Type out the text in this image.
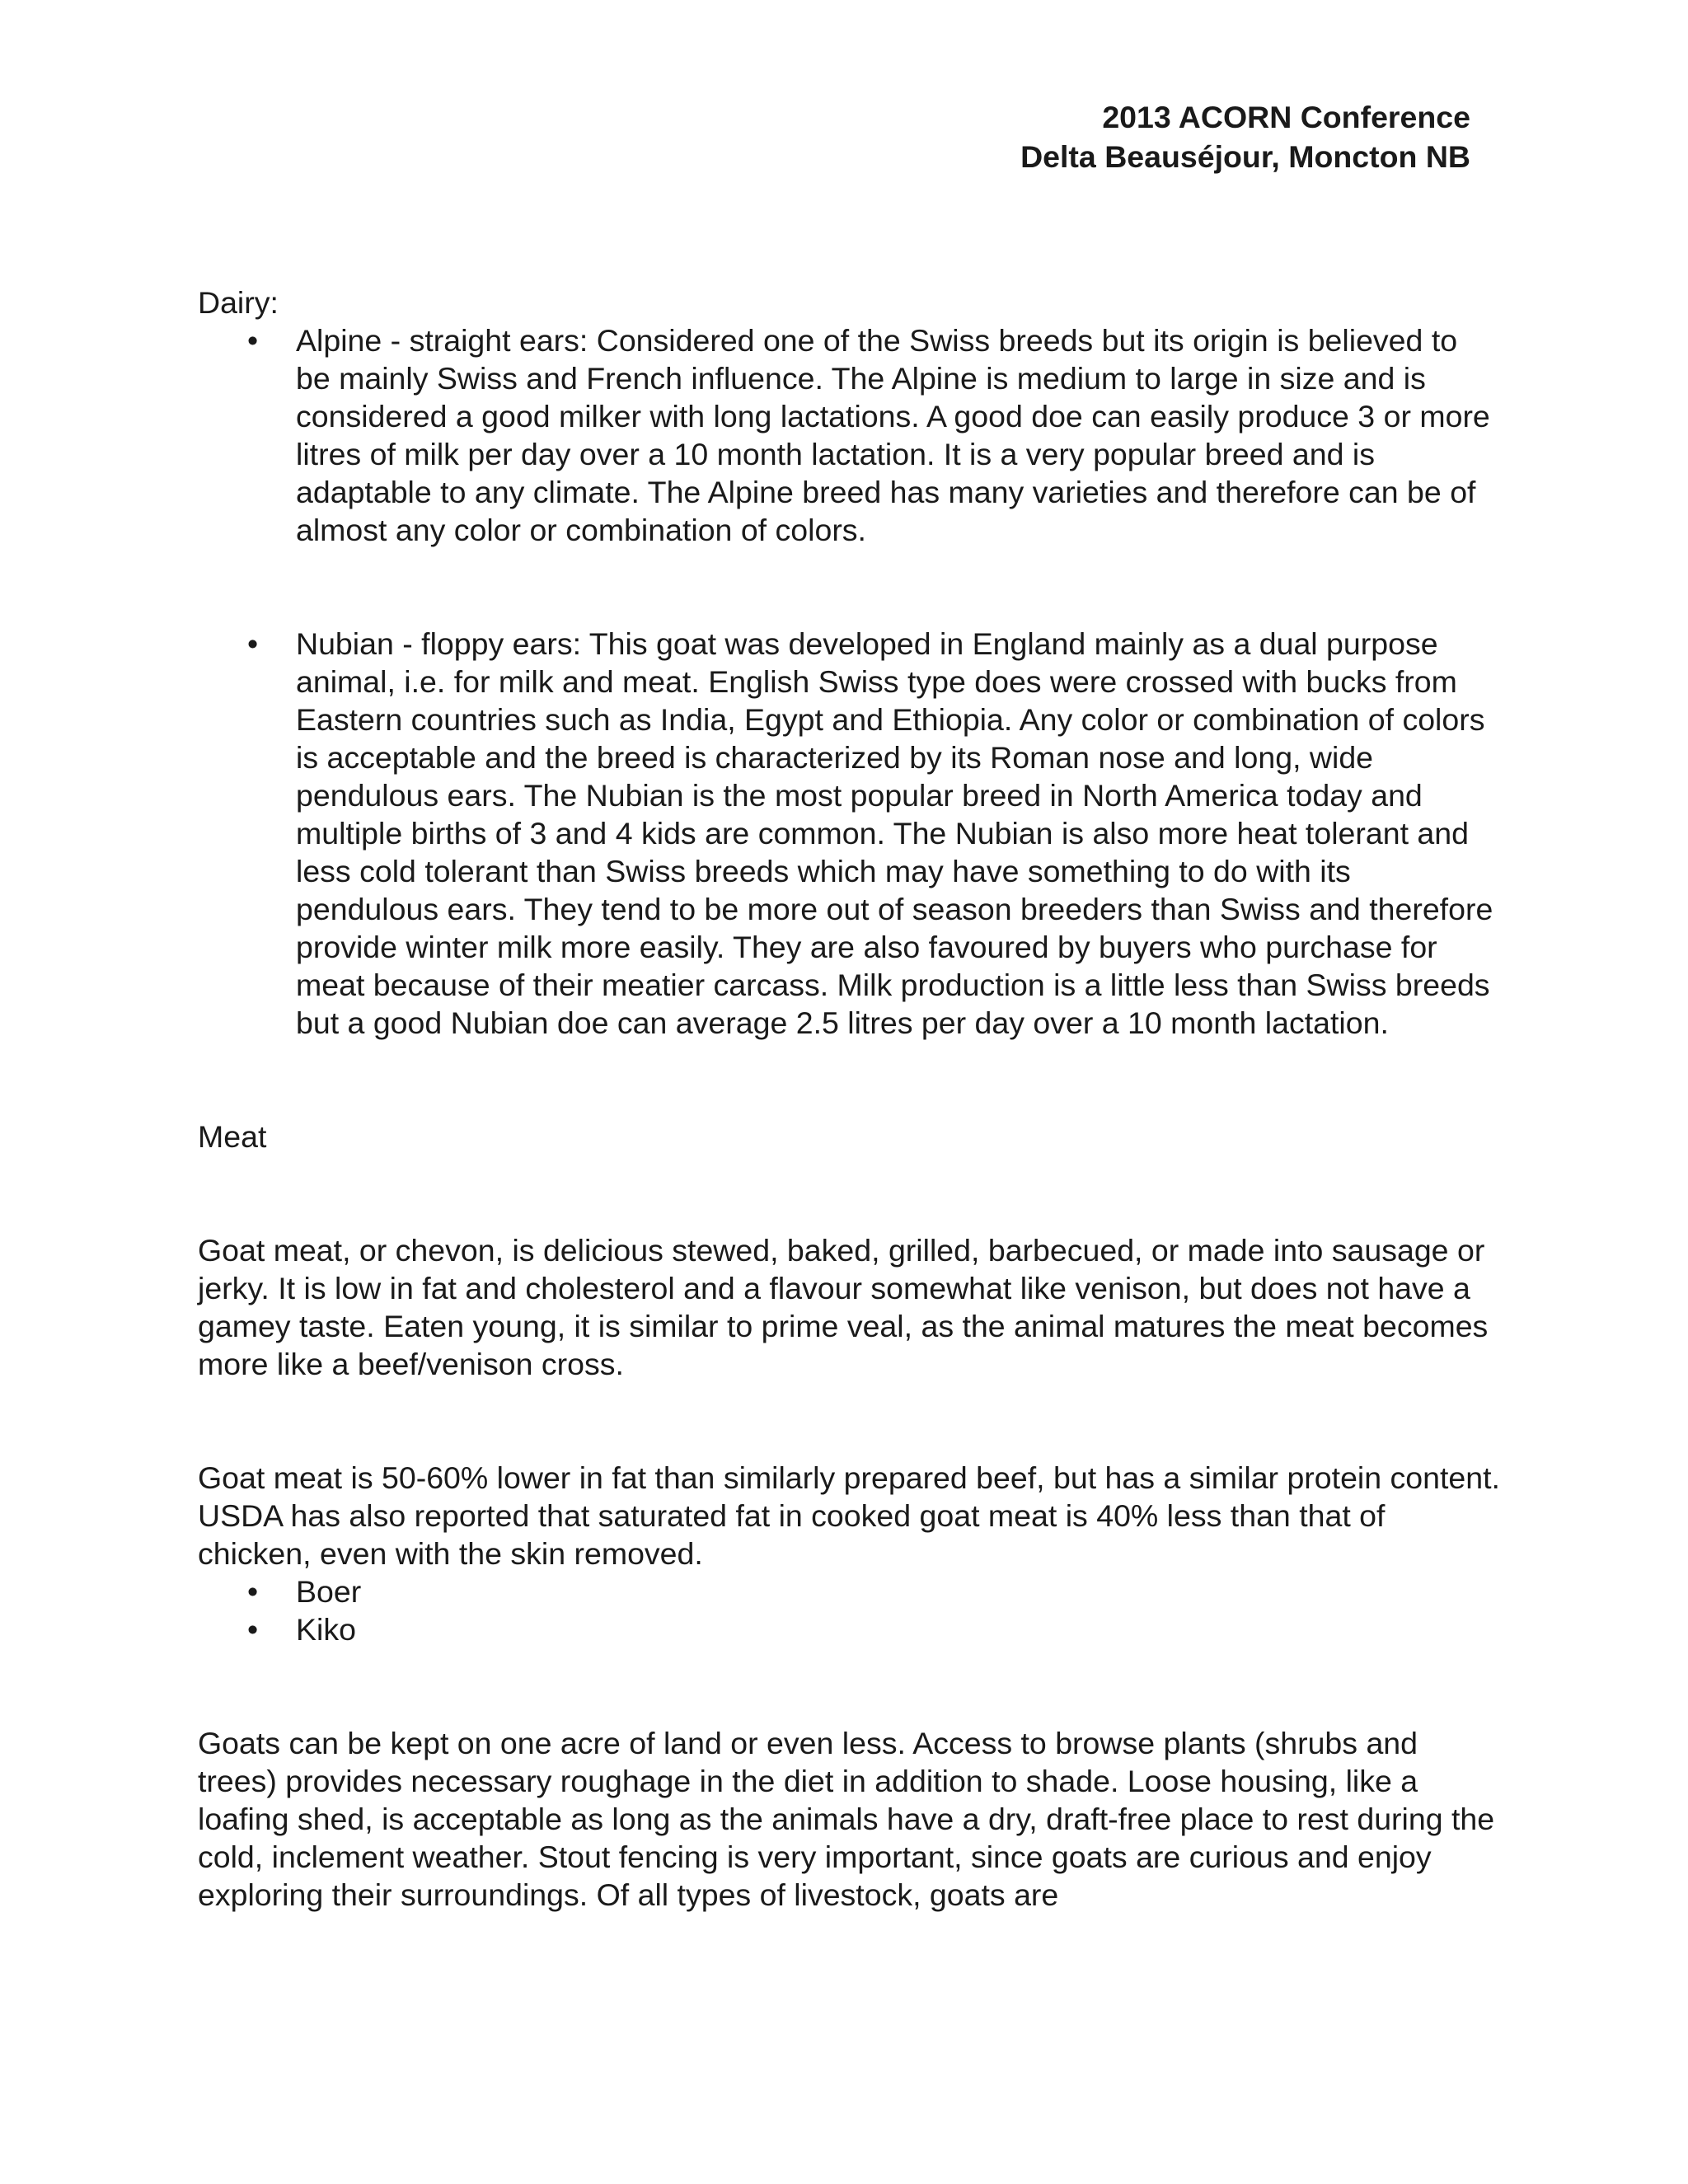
2013 ACORN Conference
Delta Beauséjour, Moncton NB
Dairy:
• Alpine - straight ears: Considered one of the Swiss breeds but its origin is believed to be mainly Swiss and French influence. The Alpine is medium to large in size and is considered a good milker with long lactations. A good doe can easily produce 3 or more litres of milk per day over a 10 month lactation. It is a very popular breed and is adaptable to any climate. The Alpine breed has many varieties and therefore can be of almost any color or combination of colors.
• Nubian - floppy ears: This goat was developed in England mainly as a dual purpose animal, i.e. for milk and meat. English Swiss type does were crossed with bucks from Eastern countries such as India, Egypt and Ethiopia. Any color or combination of colors is acceptable and the breed is characterized by its Roman nose and long, wide pendulous ears. The Nubian is the most popular breed in North America today and multiple births of 3 and 4 kids are common. The Nubian is also more heat tolerant and less cold tolerant than Swiss breeds which may have something to do with its pendulous ears. They tend to be more out of season breeders than Swiss and therefore provide winter milk more easily. They are also favoured by buyers who purchase for meat because of their meatier carcass. Milk production is a little less than Swiss breeds but a good Nubian doe can average 2.5 litres per day over a 10 month lactation.
Meat

Goat meat, or chevon, is delicious stewed, baked, grilled, barbecued, or made into sausage or jerky. It is low in fat and cholesterol and a flavour somewhat like venison, but does not have a gamey taste. Eaten young, it is similar to prime veal, as the animal matures the meat becomes more like a beef/venison cross.

Goat meat is 50-60% lower in fat than similarly prepared beef, but has a similar protein content. USDA has also reported that saturated fat in cooked goat meat is 40% less than that of chicken, even with the skin removed.

• Boer
• Kiko

Goats can be kept on one acre of land or even less. Access to browse plants (shrubs and trees) provides necessary roughage in the diet in addition to shade. Loose housing, like a loafing shed, is acceptable as long as the animals have a dry, draft-free place to rest during the cold, inclement weather. Stout fencing is very important, since goats are curious and enjoy exploring their surroundings. Of all types of livestock, goats are
